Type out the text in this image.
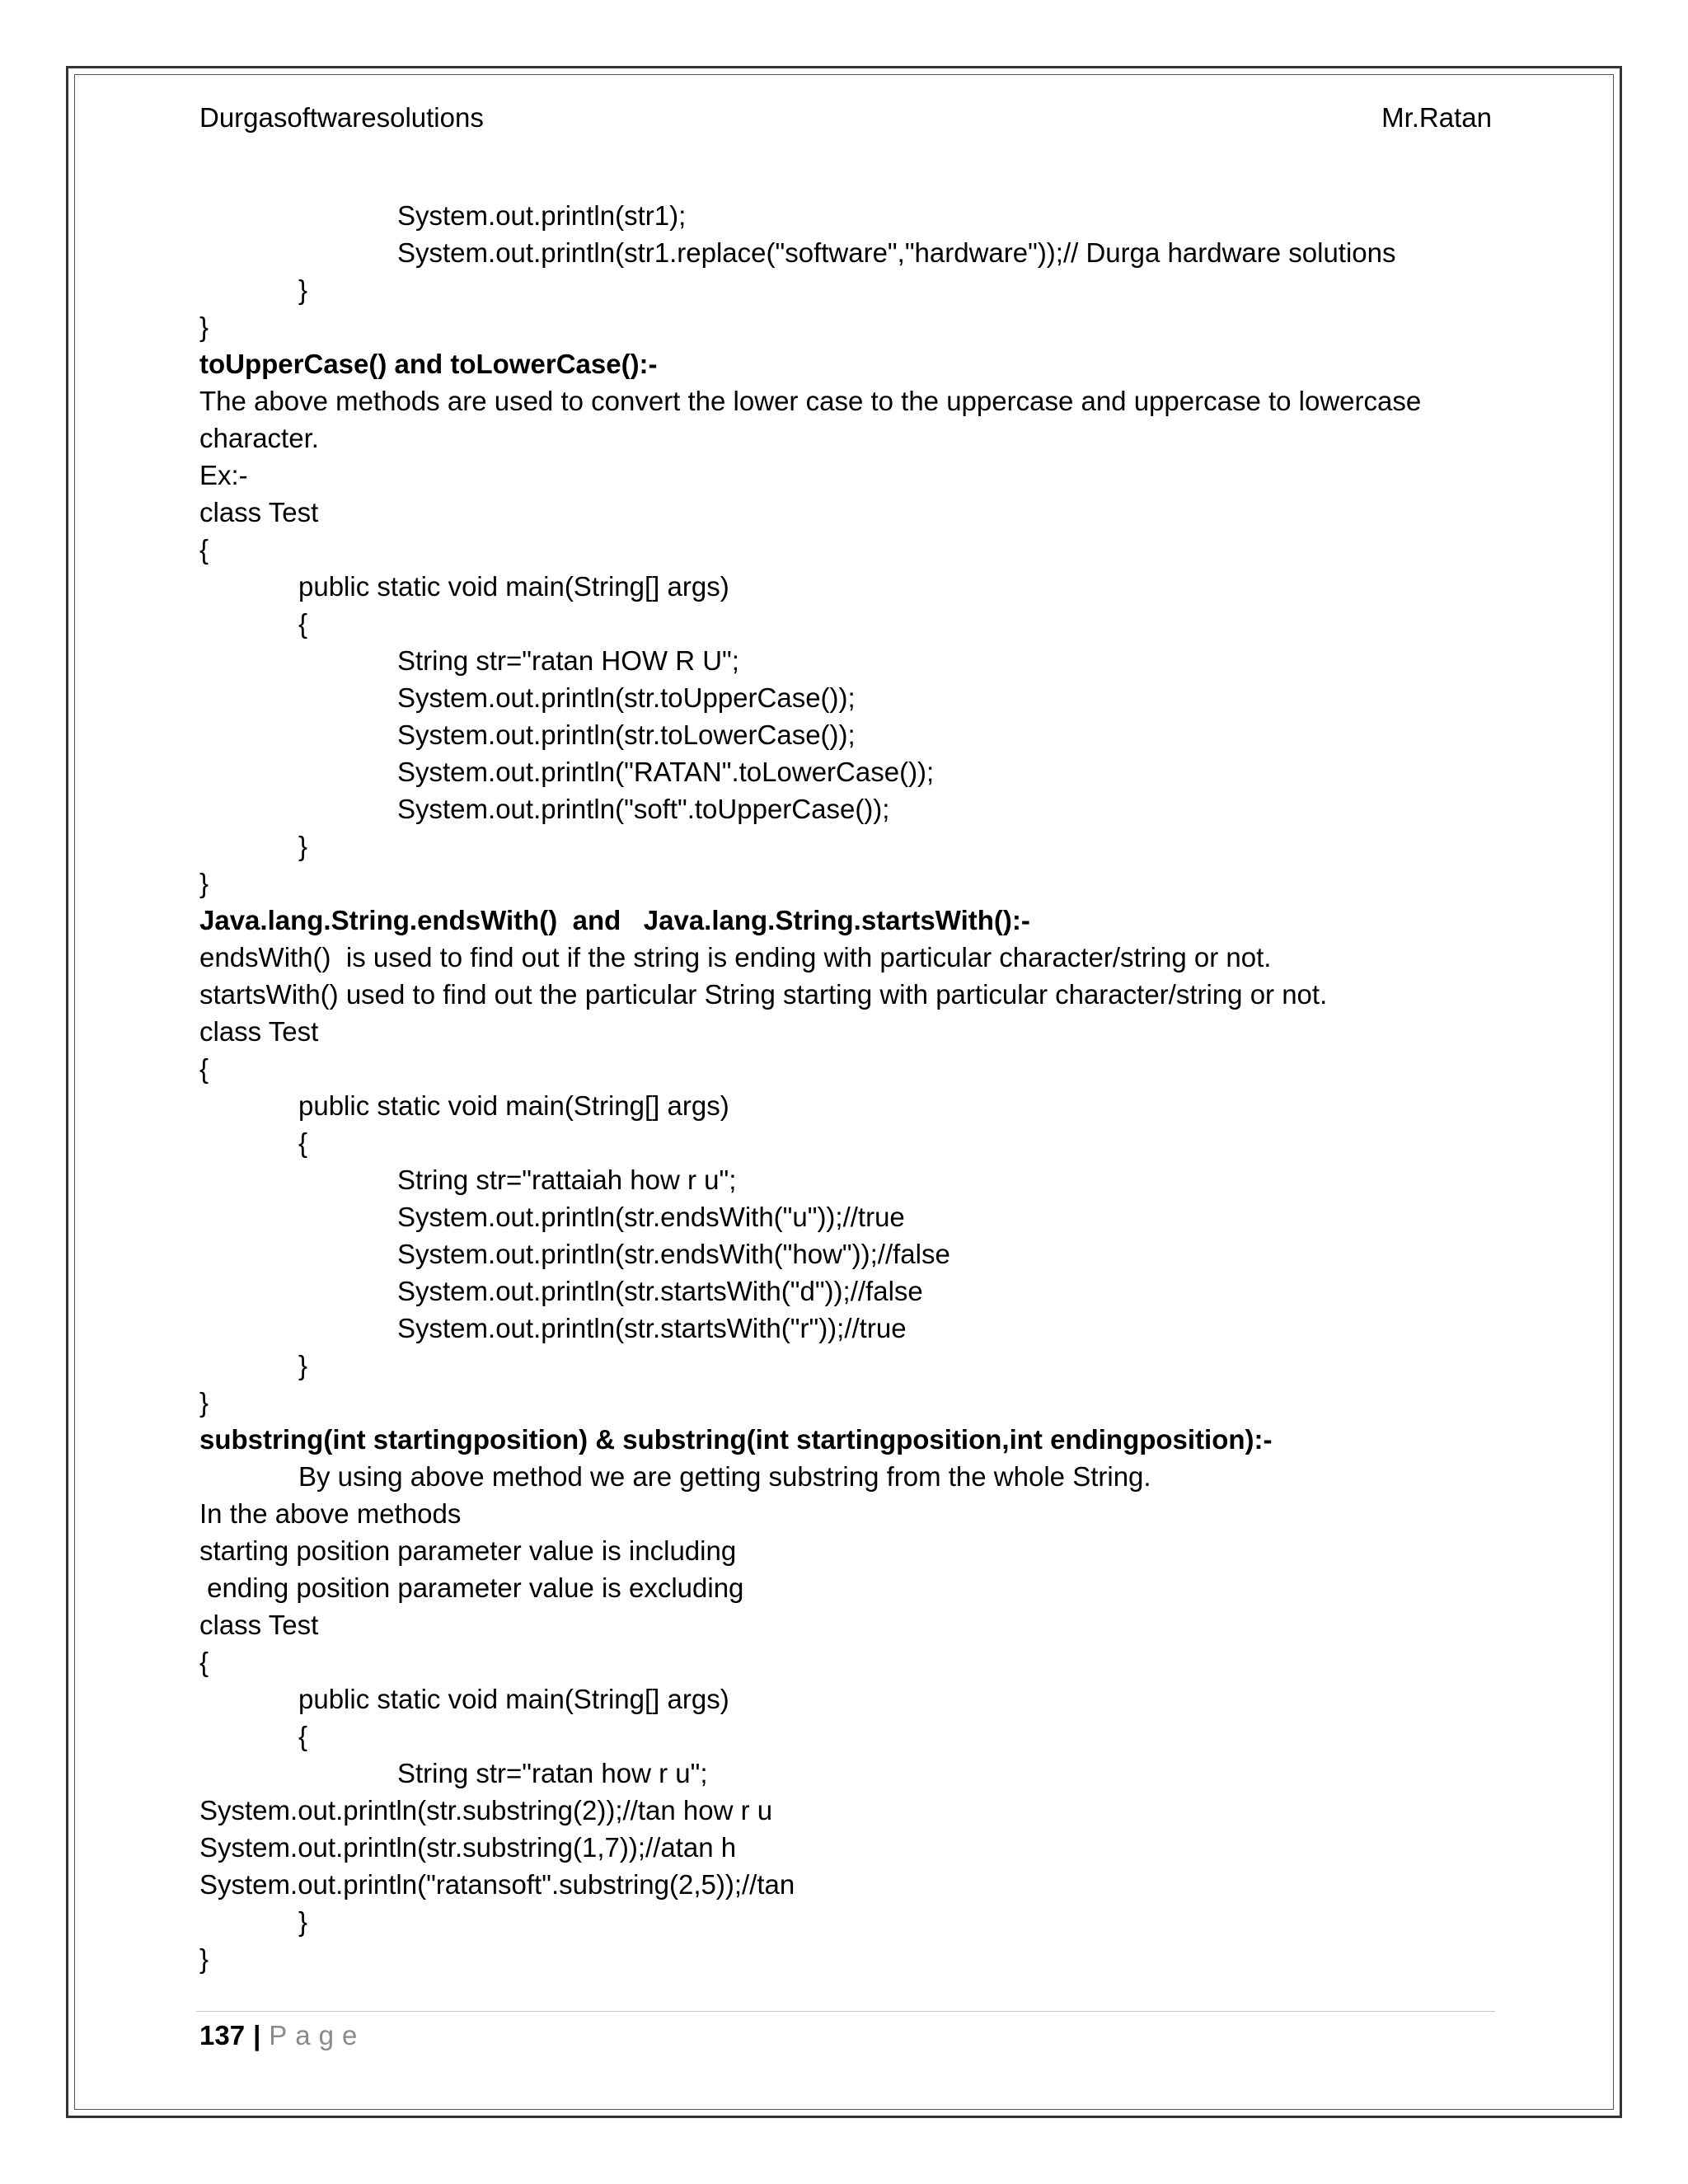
Durgasoftwaresolutions	Mr.Ratan
System.out.println(str1);
System.out.println(str1.replace("software","hardware"));// Durga hardware solutions
}
}
toUpperCase() and toLowerCase():-
The above methods are used to convert the lower case to the uppercase and uppercase to lowercase
character.
Ex:-
class Test
{
public static void main(String[] args)
{
String str="ratan HOW R U";
System.out.println(str.toUpperCase());
System.out.println(str.toLowerCase());
System.out.println("RATAN".toLowerCase());
System.out.println("soft".toUpperCase());
}
}
Java.lang.String.endsWith()  and   Java.lang.String.startsWith():-
endsWith()  is used to find out if the string is ending with particular character/string or not.
startsWith() used to find out the particular String starting with particular character/string or not.
class Test
{
public static void main(String[] args)
{
String str="rattaiah how r u";
System.out.println(str.endsWith("u"));//true
System.out.println(str.endsWith("how"));//false
System.out.println(str.startsWith("d"));//false
System.out.println(str.startsWith("r"));//true
}
}
substring(int startingposition) & substring(int startingposition,int endingposition):-
By using above method we are getting substring from the whole String.
In the above methods
starting position parameter value is including
ending position parameter value is excluding
class Test
{
public static void main(String[] args)
{
String str="ratan how r u";
System.out.println(str.substring(2));//tan how r u
System.out.println(str.substring(1,7));//atan h
System.out.println("ratansoft".substring(2,5));//tan
}
}
137 | Page
